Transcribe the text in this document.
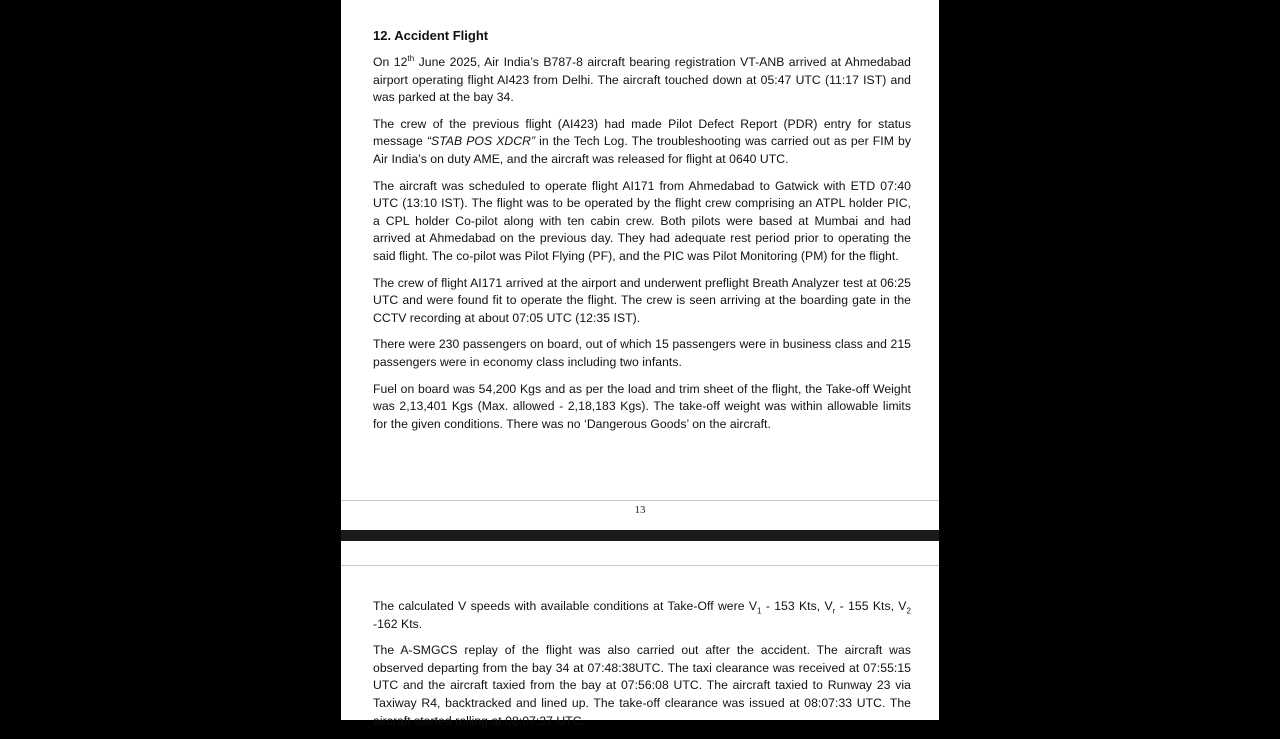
12. Accident Flight

On 12th June 2025, Air India’s B787-8 aircraft bearing registration VT-ANB arrived at Ahmedabad airport operating flight AI423 from Delhi. The aircraft touched down at 05:47 UTC (11:17 IST) and was parked at the bay 34.

The crew of the previous flight (AI423) had made Pilot Defect Report (PDR) entry for status message “STAB POS XDCR” in the Tech Log. The troubleshooting was carried out as per FIM by Air India’s on duty AME, and the aircraft was released for flight at 0640 UTC.

The aircraft was scheduled to operate flight AI171 from Ahmedabad to Gatwick with ETD 07:40 UTC (13:10 IST). The flight was to be operated by the flight crew comprising an ATPL holder PIC, a CPL holder Co-pilot along with ten cabin crew. Both pilots were based at Mumbai and had arrived at Ahmedabad on the previous day. They had adequate rest period prior to operating the said flight. The co-pilot was Pilot Flying (PF), and the PIC was Pilot Monitoring (PM) for the flight.

The crew of flight AI171 arrived at the airport and underwent preflight Breath Analyzer test at 06:25 UTC and were found fit to operate the flight. The crew is seen arriving at the boarding gate in the CCTV recording at about 07:05 UTC (12:35 IST).

There were 230 passengers on board, out of which 15 passengers were in business class and 215 passengers were in economy class including two infants.

Fuel on board was 54,200 Kgs and as per the load and trim sheet of the flight, the Take-off Weight was 2,13,401 Kgs (Max. allowed - 2,18,183 Kgs). The take-off weight was within allowable limits for the given conditions. There was no ‘Dangerous Goods’ on the aircraft.

13

The calculated V speeds with available conditions at Take-Off were $V_1 - 153$ Kts, $V_r - 155$ Kts, $V_2$ -162 Kts.

The A-SMGCS replay of the flight was also carried out after the accident. The aircraft was observed departing from the bay 34 at 07:48:38UTC. The taxi clearance was received at 07:55:15 UTC and the aircraft taxied from the bay at 07:56:08 UTC. The aircraft taxied to Runway 23 via Taxiway R4, backtracked and lined up. The take-off clearance was issued at 08:07:33 UTC. The aircraft started rolling at 08:07:37 UTC.
